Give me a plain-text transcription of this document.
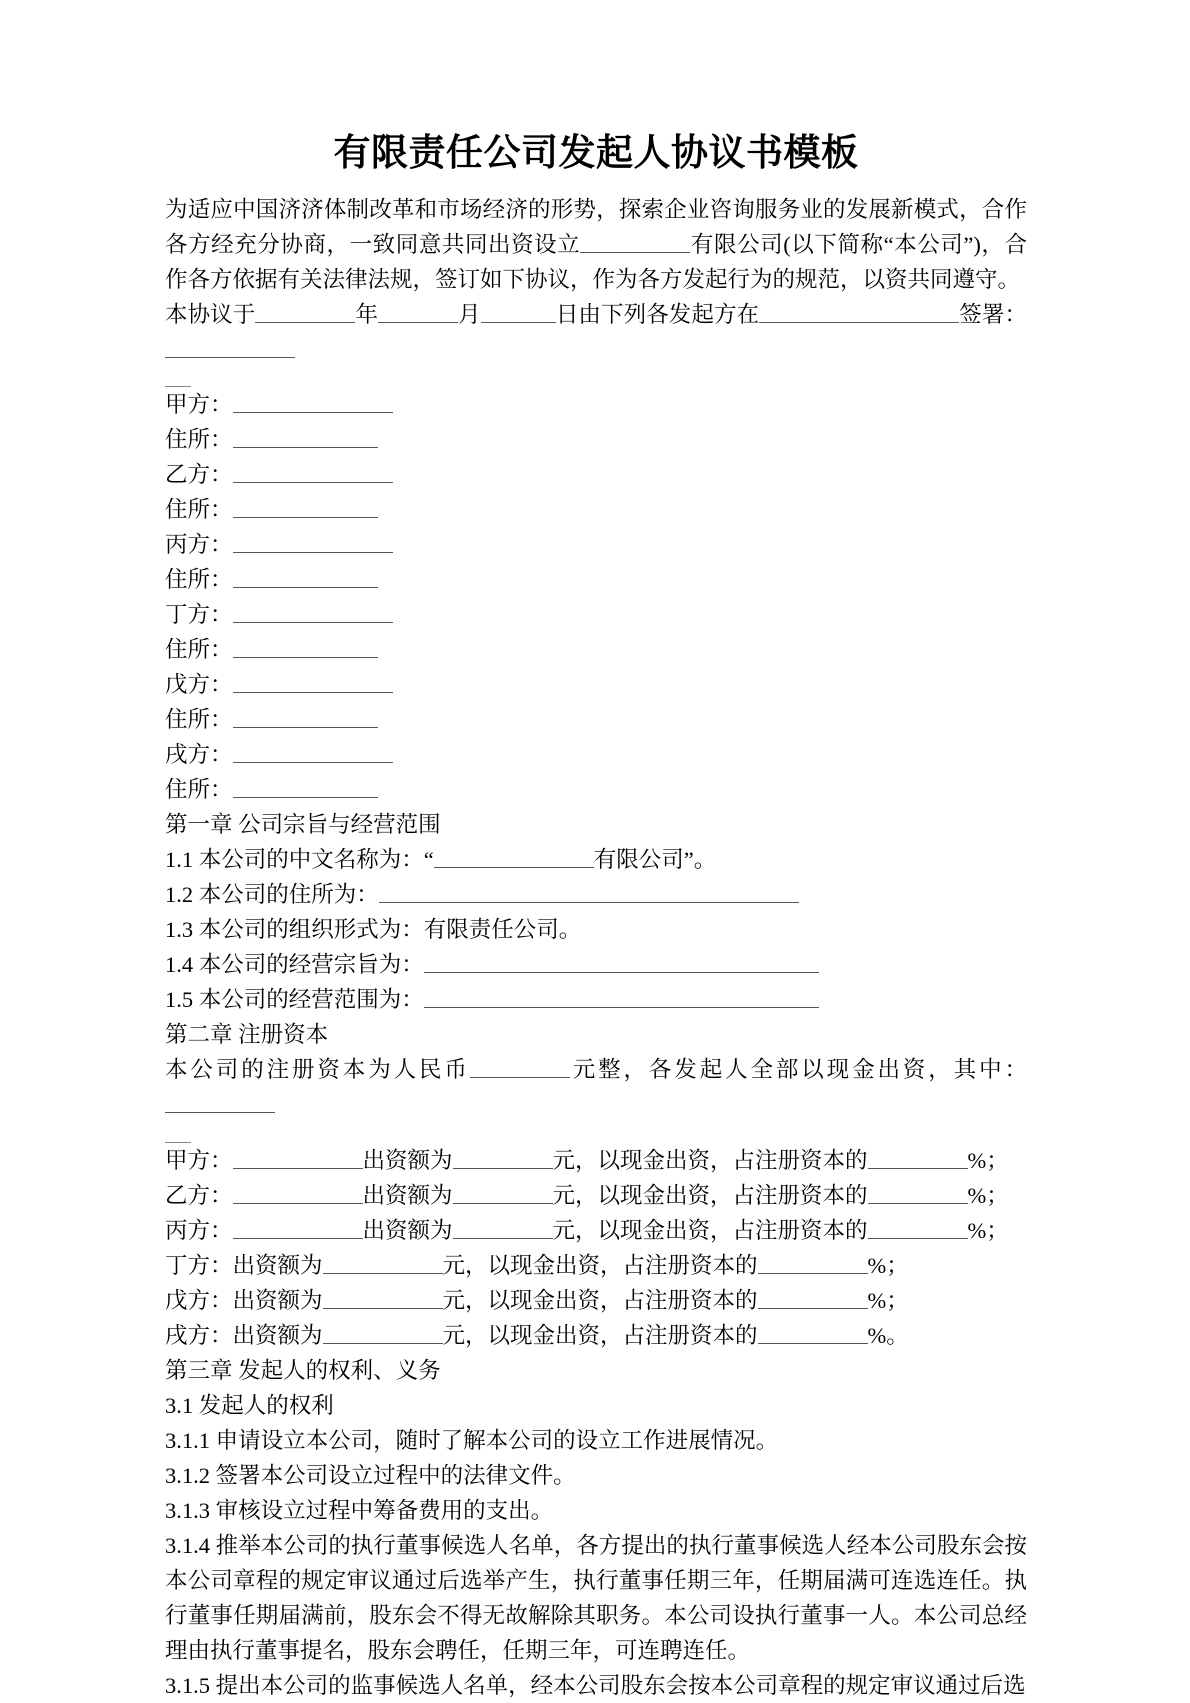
有限责任公司发起人协议书模板

为适应中国济济体制改革和市场经济的形势，探索企业咨询服务业的发展新模式，合作各方经充分协商，一致同意共同出资设立	有限公司(以下简称“本公司”)，合作各方依据有关法律法规，签订如下协议，作为各方发起行为的规范，以资共同遵守。

本协议于	年	月	日由下列各发起方在	签署：

甲方：

住所：

乙方：

住所：

丙方：

住所：

丁方：

住所：

戊方：

住所：

戌方：

住所：

第一章 公司宗旨与经营范围

1.1 本公司的中文名称为：“	有限公司”。

1.2 本公司的住所为：

1.3 本公司的组织形式为：有限责任公司。

1.4 本公司的经营宗旨为：

1.5 本公司的经营范围为：

第二章 注册资本

本公司的注册资本为人民币	元整，各发起人全部以现金出资，其中：

甲方：	出资额为	元，以现金出资，占注册资本的	%；

乙方：	出资额为	元，以现金出资，占注册资本的	%；

丙方：	出资额为	元，以现金出资，占注册资本的	%；

丁方：出资额为	元，以现金出资，占注册资本的	%；

戊方：出资额为	元，以现金出资，占注册资本的	%；

戌方：出资额为	元，以现金出资，占注册资本的	%。

第三章 发起人的权利、义务

3.1 发起人的权利

3.1.1 申请设立本公司，随时了解本公司的设立工作进展情况。

3.1.2 签署本公司设立过程中的法律文件。

3.1.3 审核设立过程中筹备费用的支出。

3.1.4 推举本公司的执行董事候选人名单，各方提出的执行董事候选人经本公司股东会按本公司章程的规定审议通过后选举产生，执行董事任期三年，任期届满可连选连任。执行董事任期届满前，股东会不得无故解除其职务。本公司设执行董事一人。本公司总经理由执行董事提名，股东会聘任，任期三年，可连聘连任。

3.1.5 提出本公司的监事候选人名单，经本公司股东会按本公司章程的规定审议通过后选
